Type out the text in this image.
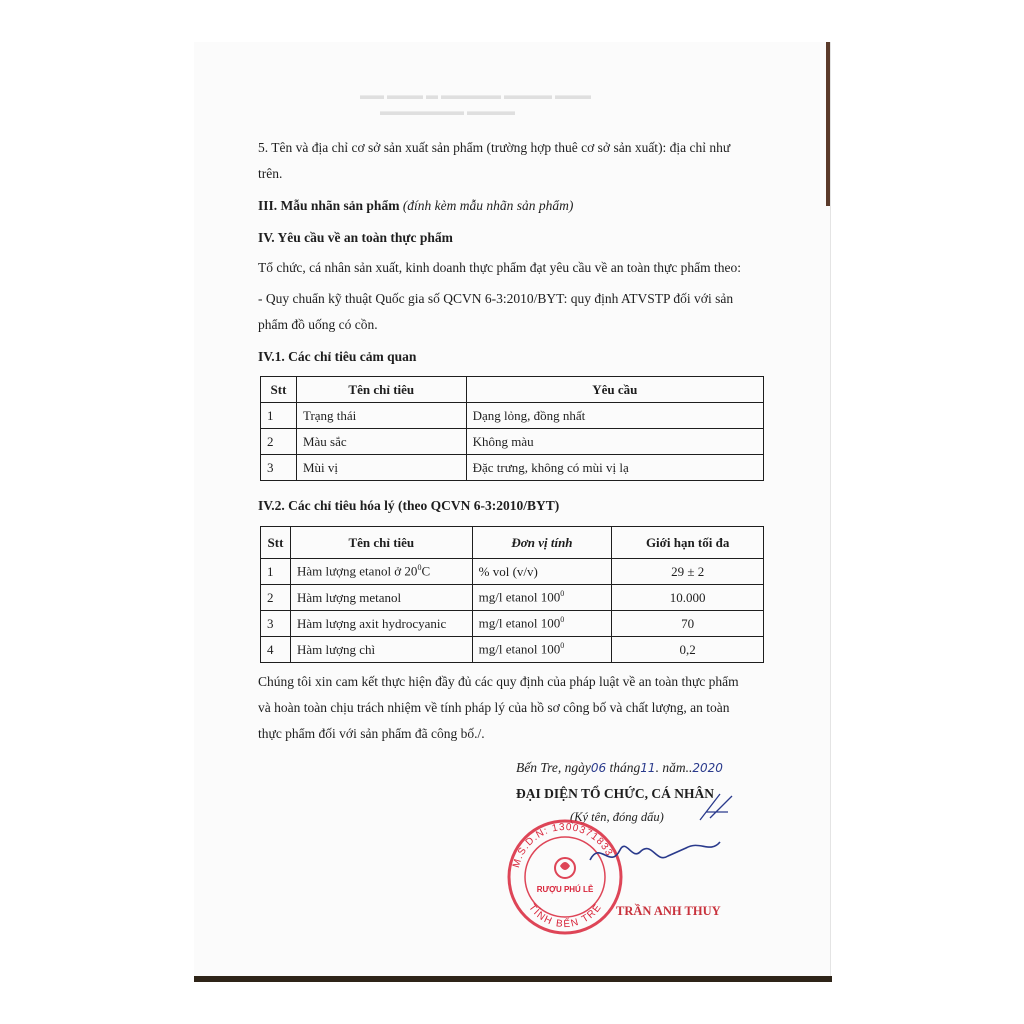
▬▬ ▬▬▬ ▬ ▬▬▬▬▬ ▬▬▬▬ ▬▬▬
▬▬▬▬▬▬▬ ▬▬▬▬
5. Tên và địa chỉ cơ sở sản xuất sản phẩm (trường hợp thuê cơ sở sản xuất): địa chỉ như
trên.
III. Mẫu nhãn sản phẩm (đính kèm mẫu nhãn sản phẩm)
IV. Yêu cầu về an toàn thực phẩm
Tổ chức, cá nhân sản xuất, kinh doanh thực phẩm đạt yêu cầu về an toàn thực phẩm theo:
- Quy chuẩn kỹ thuật Quốc gia số QCVN 6-3:2010/BYT: quy định ATVSTP đối với sản
phẩm đồ uống có cồn.
IV.1. Các chỉ tiêu cảm quan
Stt	Tên chỉ tiêu	Yêu cầu
1	Trạng thái	Dạng lỏng, đồng nhất
2	Màu sắc	Không màu
3	Mùi vị	Đặc trưng, không có mùi vị lạ
IV.2. Các chỉ tiêu hóa lý (theo QCVN 6-3:2010/BYT)
Stt	Tên chỉ tiêu	Đơn vị tính	Giới hạn tối đa
1	Hàm lượng etanol ở $20^0C$	% vol (v/v)	29 ± 2
2	Hàm lượng metanol	mg/l etanol $100^0$	10.000
3	Hàm lượng axit hydrocyanic	mg/l etanol $100^0$	70
4	Hàm lượng chì	mg/l etanol $100^0$	0,2
Chúng tôi xin cam kết thực hiện đầy đủ các quy định của pháp luật về an toàn thực phẩm
và hoàn toàn chịu trách nhiệm về tính pháp lý của hồ sơ công bố và chất lượng, an toàn
thực phẩm đối với sản phẩm đã công bố./.
Bến Tre, ngày06 tháng11. năm..2020
ĐẠI DIỆN TỔ CHỨC, CÁ NHÂN
(Ký tên, đóng dấu)
M.S.D.N: 1300371833
TỈNH BẾN TRE
RƯỢU PHÚ LỄ
TRẦN ANH THUY
